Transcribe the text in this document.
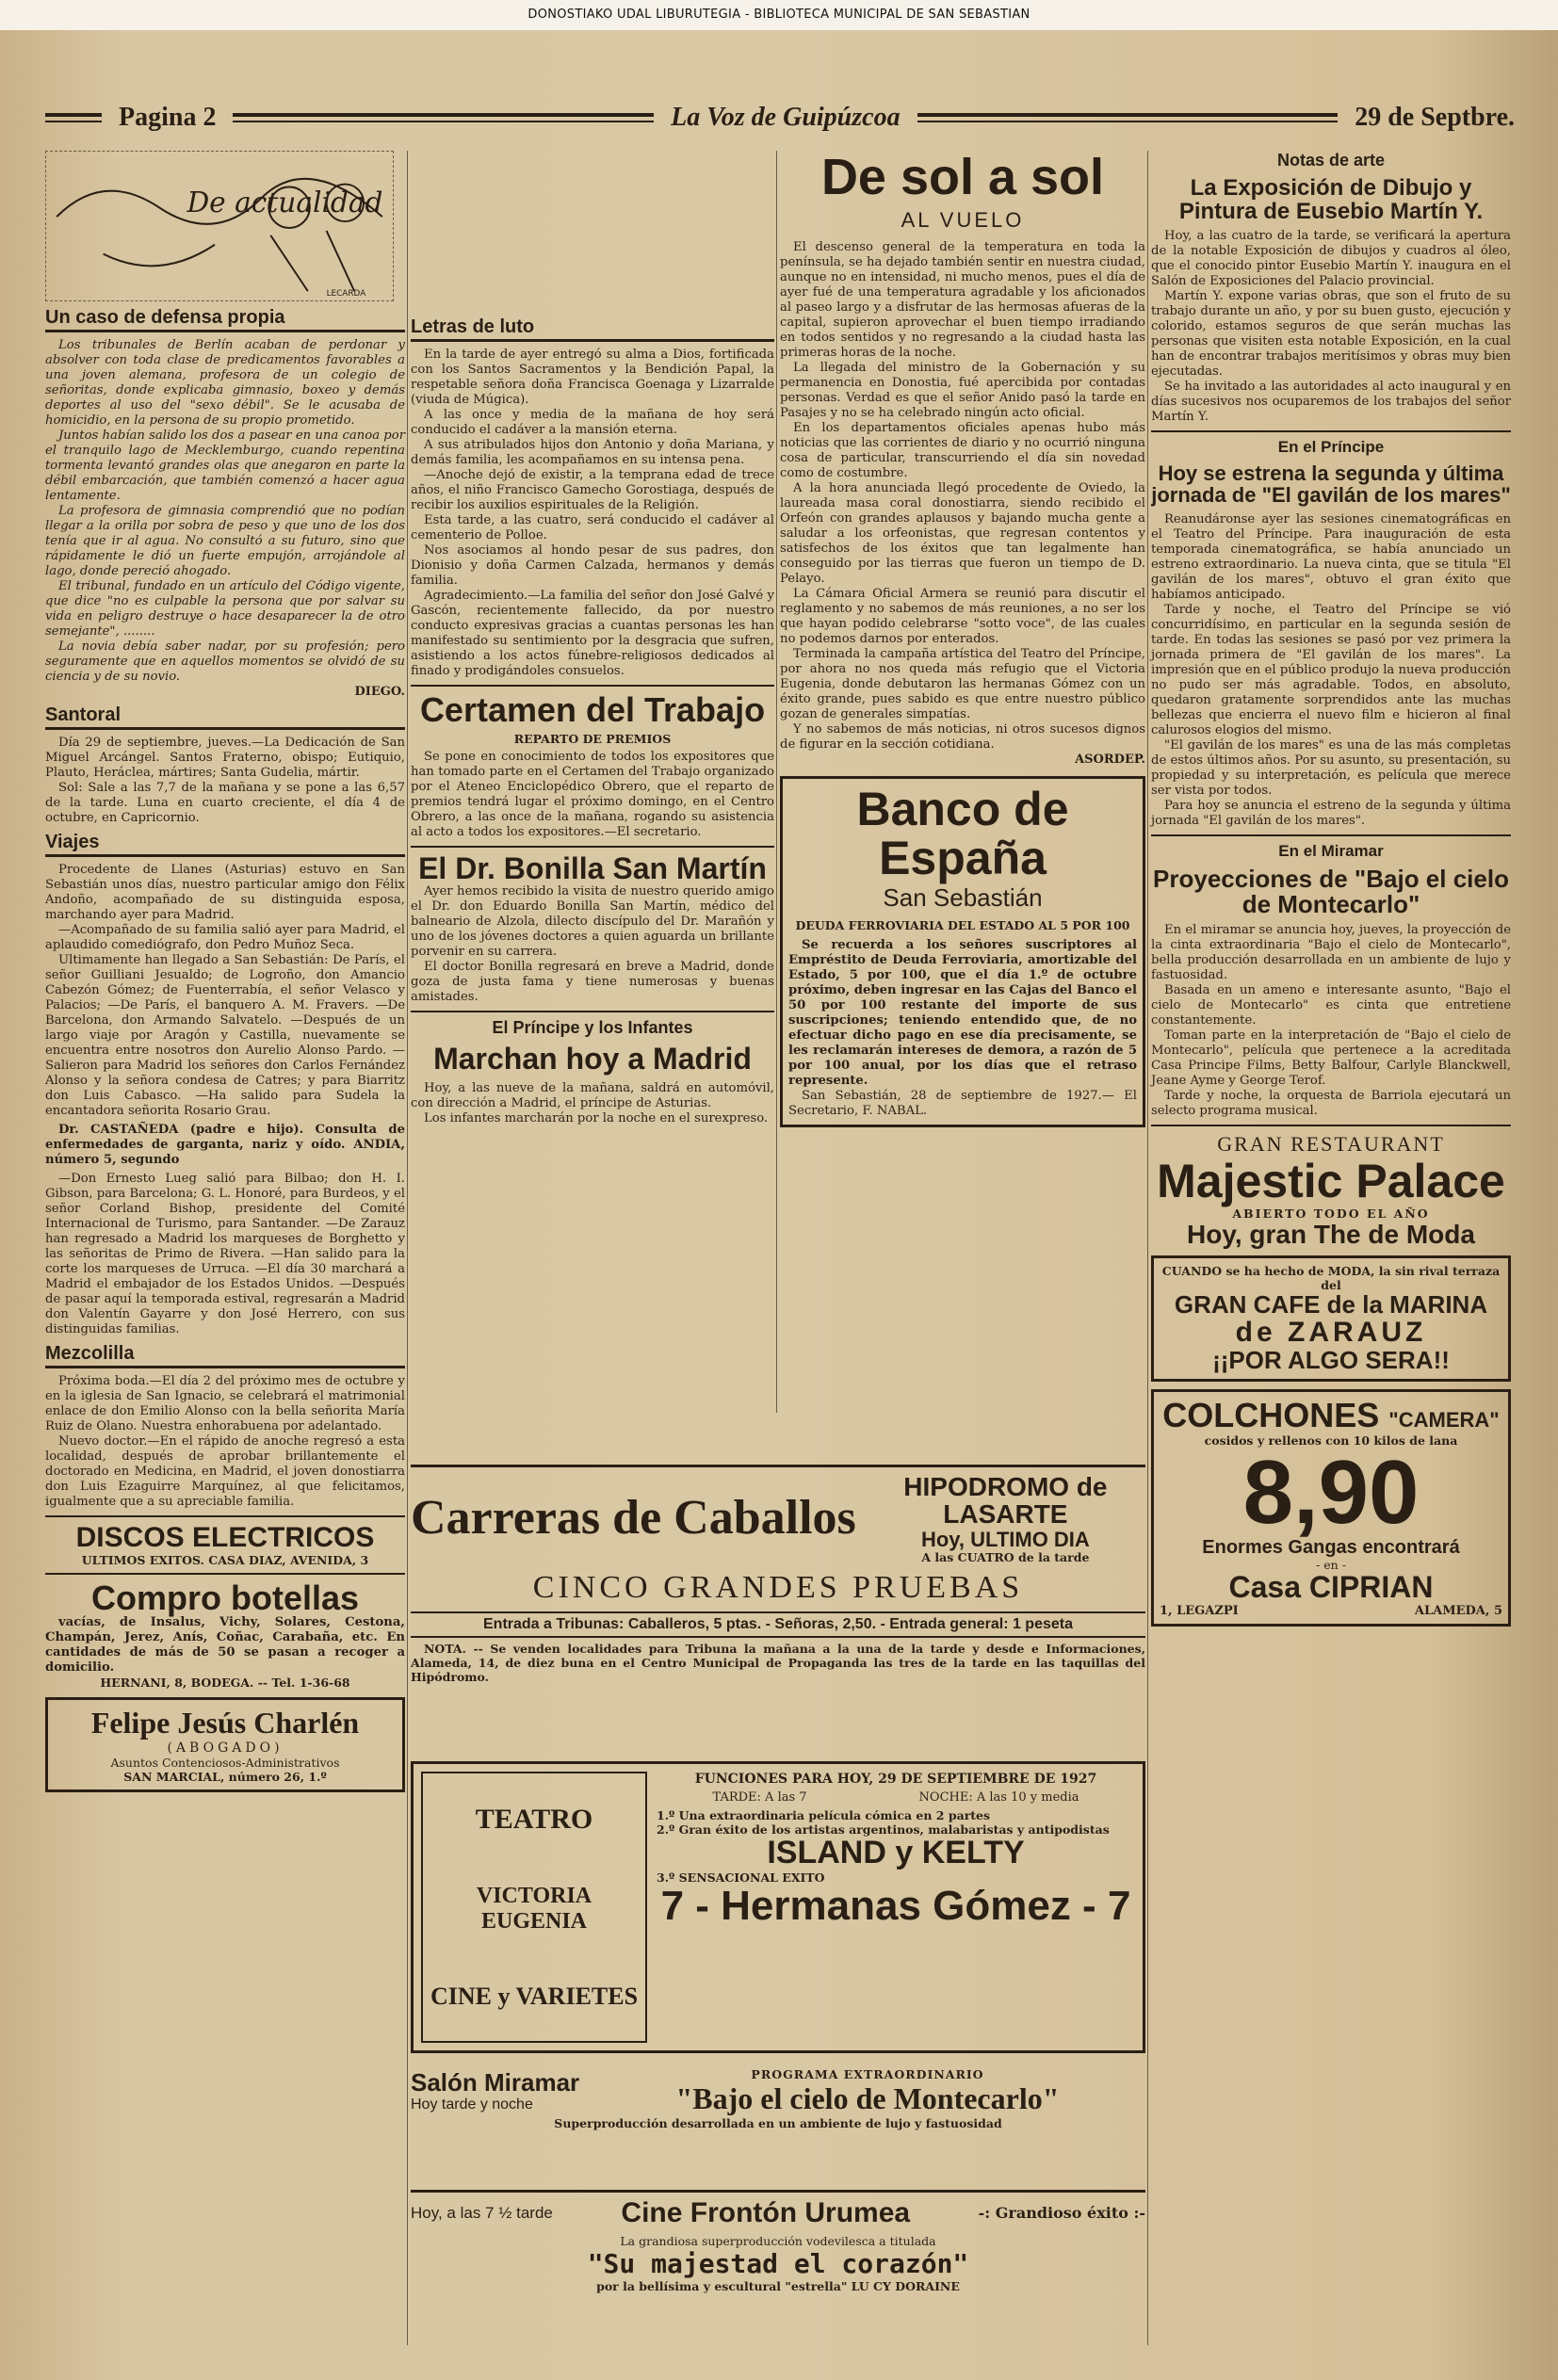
DONOSTIAKO UDAL LIBURUTEGIA - BIBLIOTECA MUNICIPAL DE SAN SEBASTIAN
Pagina 2	La Voz de Guipúzcoa	29 de Septbre.
De actualidad
LECARDA
Un caso de defensa propia

Los tribunales de Berlín acaban de perdonar y absolver con toda clase de predicamentos favorables a una joven alemana, profesora de un colegio de señoritas, donde explicaba gimnasio, boxeo y demás deportes al uso del "sexo débil". Se le acusaba de homicidio, en la persona de su propio prometido.

Juntos habían salido los dos a pasear en una canoa por el tranquilo lago de Mecklemburgo, cuando repentina tormenta levantó grandes olas que anegaron en parte la débil embarcación, que también comenzó a hacer agua lentamente.

La profesora de gimnasia comprendió que no podían llegar a la orilla por sobra de peso y que uno de los dos tenía que ir al agua. No consultó a su futuro, sino que rápidamente le dió un fuerte empujón, arrojándole al lago, donde pereció ahogado.

El tribunal, fundado en un artículo del Código vigente, que dice "no es culpable la persona que por salvar su vida en peligro destruye o hace desaparecer la de otro semejante", ........

La novia debía saber nadar, por su profesión; pero seguramente que en aquellos momentos se olvidó de su ciencia y de su novio.

DIEGO.

Santoral

Día 29 de septiembre, jueves.—La Dedicación de San Miguel Arcángel. Santos Fraterno, obispo; Eutiquio, Plauto, Heráclea, mártires; Santa Gudelia, mártir.

Sol: Sale a las 7,7 de la mañana y se pone a las 6,57 de la tarde. Luna en cuarto creciente, el día 4 de octubre, en Capricornio.

Viajes

Procedente de Llanes (Asturias) estuvo en San Sebastián unos días, nuestro particular amigo don Félix Andoño, acompañado de su distinguida esposa, marchando ayer para Madrid.

—Acompañado de su familia salió ayer para Madrid, el aplaudido comediógrafo, don Pedro Muñoz Seca.

Ultimamente han llegado a San Sebastián: De París, el señor Guilliani Jesualdo; de Logroño, don Amancio Cabezón Gómez; de Fuenterrabía, el señor Velasco y Palacios; —De París, el banquero A. M. Fravers. —De Barcelona, don Armando Salvatelo. —Después de un largo viaje por Aragón y Castilla, nuevamente se encuentra entre nosotros don Aurelio Alonso Pardo. —Salieron para Madrid los señores don Carlos Fernández Alonso y la señora condesa de Catres; y para Biarritz don Luis Cabasco. —Ha salido para Sudela la encantadora señorita Rosario Grau.

Dr. CASTAÑEDA (padre e hijo). Consulta de enfermedades de garganta, nariz y oído. ANDIA, número 5, segundo

—Don Ernesto Lueg salió para Bilbao; don H. I. Gibson, para Barcelona; G. L. Honoré, para Burdeos, y el señor Corland Bishop, presidente del Comité Internacional de Turismo, para Santander. —De Zarauz han regresado a Madrid los marqueses de Borghetto y las señoritas de Primo de Rivera. —Han salido para la corte los marqueses de Urruca. —El día 30 marchará a Madrid el embajador de los Estados Unidos. —Después de pasar aquí la temporada estival, regresarán a Madrid don Valentín Gayarre y don José Herrero, con sus distinguidas familias.

Mezcolilla

Próxima boda.—El día 2 del próximo mes de octubre y en la iglesia de San Ignacio, se celebrará el matrimonial enlace de don Emilio Alonso con la bella señorita María Ruiz de Olano. Nuestra enhorabuena por adelantado.

Nuevo doctor.—En el rápido de anoche regresó a esta localidad, después de aprobar brillantemente el doctorado en Medicina, en Madrid, el joven donostiarra don Luis Ezaguirre Marquínez, al que felicitamos, igualmente que a su apreciable familia.

DISCOS ELECTRICOS
ULTIMOS EXITOS. CASA DIAZ, AVENIDA, 3
Compro botellas

vacías, de Insalus, Vichy, Solares, Cestona, Champán, Jerez, Anís, Coñac, Carabaña, etc. En cantidades de más de 50 se pasan a recoger a domicilio.

HERNANI, 8, BODEGA. -- Tel. 1-36-68
Felipe Jesús Charlén
(ABOGADO)
Asuntos Contenciosos-Administrativos
SAN MARCIAL, número 26, 1.º
Letras de luto

En la tarde de ayer entregó su alma a Dios, fortificada con los Santos Sacramentos y la Bendición Papal, la respetable señora doña Francisca Goenaga y Lizarralde (viuda de Múgica).

A las once y media de la mañana de hoy será conducido el cadáver a la mansión eterna.

A sus atribulados hijos don Antonio y doña Mariana, y demás familia, les acompañamos en su intensa pena.

—Anoche dejó de existir, a la temprana edad de trece años, el niño Francisco Gamecho Gorostiaga, después de recibir los auxilios espirituales de la Religión.

Esta tarde, a las cuatro, será conducido el cadáver al cementerio de Polloe.

Nos asociamos al hondo pesar de sus padres, don Dionisio y doña Carmen Calzada, hermanos y demás familia.

Agradecimiento.—La familia del señor don José Galvé y Gascón, recientemente fallecido, da por nuestro conducto expresivas gracias a cuantas personas les han manifestado su sentimiento por la desgracia que sufren, asistiendo a los actos fúnebre-religiosos dedicados al finado y prodigándoles consuelos.

Certamen del Trabajo
REPARTO DE PREMIOS

Se pone en conocimiento de todos los expositores que han tomado parte en el Certamen del Trabajo organizado por el Ateneo Enciclopédico Obrero, que el reparto de premios tendrá lugar el próximo domingo, en el Centro Obrero, a las once de la mañana, rogando su asistencia al acto a todos los expositores.—El secretario.

El Dr. Bonilla San Martín

Ayer hemos recibido la visita de nuestro querido amigo el Dr. don Eduardo Bonilla San Martín, médico del balneario de Alzola, dilecto discípulo del Dr. Marañón y uno de los jóvenes doctores a quien aguarda un brillante porvenir en su carrera.

El doctor Bonilla regresará en breve a Madrid, donde goza de justa fama y tiene numerosas y buenas amistades.

El Príncipe y los Infantes
Marchan hoy a Madrid

Hoy, a las nueve de la mañana, saldrá en automóvil, con dirección a Madrid, el príncipe de Asturias.

Los infantes marcharán por la noche en el surexpreso.

De sol a sol
AL VUELO

El descenso general de la temperatura en toda la península, se ha dejado también sentir en nuestra ciudad, aunque no en intensidad, ni mucho menos, pues el día de ayer fué de una temperatura agradable y los aficionados al paseo largo y a disfrutar de las hermosas afueras de la capital, supieron aprovechar el buen tiempo irradiando en todos sentidos y no regresando a la ciudad hasta las primeras horas de la noche.

La llegada del ministro de la Gobernación y su permanencia en Donostia, fué apercibida por contadas personas. Verdad es que el señor Anido pasó la tarde en Pasajes y no se ha celebrado ningún acto oficial.

En los departamentos oficiales apenas hubo más noticias que las corrientes de diario y no ocurrió ninguna cosa de particular, transcurriendo el día sin novedad como de costumbre.

A la hora anunciada llegó procedente de Oviedo, la laureada masa coral donostiarra, siendo recibido el Orfeón con grandes aplausos y bajando mucha gente a saludar a los orfeonistas, que regresan contentos y satisfechos de los éxitos que tan legalmente han conseguido por las tierras que fueron un tiempo de D. Pelayo.

La Cámara Oficial Armera se reunió para discutir el reglamento y no sabemos de más reuniones, a no ser los que hayan podido celebrarse "sotto voce", de las cuales no podemos darnos por enterados.

Terminada la campaña artística del Teatro del Príncipe, por ahora no nos queda más refugio que el Victoria Eugenia, donde debutaron las hermanas Gómez con un éxito grande, pues sabido es que entre nuestro público gozan de generales simpatías.

Y no sabemos de más noticias, ni otros sucesos dignos de figurar en la sección cotidiana.

ASORDEP.

Banco de España
San Sebastián
DEUDA FERROVIARIA DEL ESTADO AL 5 POR 100

Se recuerda a los señores suscriptores al Empréstito de Deuda Ferroviaria, amortizable del Estado, 5 por 100, que el día 1.º de octubre próximo, deben ingresar en las Cajas del Banco el 50 por 100 restante del importe de sus suscripciones; teniendo entendido que, de no efectuar dicho pago en ese día precisamente, se les reclamarán intereses de demora, a razón de 5 por 100 anual, por los días que el retraso represente.

San Sebastián, 28 de septiembre de 1927.— El Secretario, F. NABAL.

Notas de arte
La Exposición de Dibujo y Pintura de Eusebio Martín Y.

Hoy, a las cuatro de la tarde, se verificará la apertura de la notable Exposición de dibujos y cuadros al óleo, que el conocido pintor Eusebio Martín Y. inaugura en el Salón de Exposiciones del Palacio provincial.

Martín Y. expone varias obras, que son el fruto de su trabajo durante un año, y por su buen gusto, ejecución y colorido, estamos seguros de que serán muchas las personas que visiten esta notable Exposición, en la cual han de encontrar trabajos meritísimos y obras muy bien ejecutadas.

Se ha invitado a las autoridades al acto inaugural y en días sucesivos nos ocuparemos de los trabajos del señor Martín Y.

En el Príncipe
Hoy se estrena la segunda y última jornada de "El gavilán de los mares"

Reanudáronse ayer las sesiones cinematográficas en el Teatro del Príncipe. Para inauguración de esta temporada cinematográfica, se había anunciado un estreno extraordinario. La nueva cinta, que se titula "El gavilán de los mares", obtuvo el gran éxito que habíamos anticipado.

Tarde y noche, el Teatro del Príncipe se vió concurridísimo, en particular en la segunda sesión de tarde. En todas las sesiones se pasó por vez primera la jornada primera de "El gavilán de los mares". La impresión que en el público produjo la nueva producción no pudo ser más agradable. Todos, en absoluto, quedaron gratamente sorprendidos ante las muchas bellezas que encierra el nuevo film e hicieron al final calurosos elogios del mismo.

"El gavilán de los mares" es una de las más completas de estos últimos años. Por su asunto, su presentación, su propiedad y su interpretación, es película que merece ser vista por todos.

Para hoy se anuncia el estreno de la segunda y última jornada "El gavilán de los mares".

En el Miramar
Proyecciones de "Bajo el cielo de Montecarlo"

En el miramar se anuncia hoy, jueves, la proyección de la cinta extraordinaria "Bajo el cielo de Montecarlo", bella producción desarrollada en un ambiente de lujo y fastuosidad.

Basada en un ameno e interesante asunto, "Bajo el cielo de Montecarlo" es cinta que entretiene constantemente.

Toman parte en la interpretación de "Bajo el cielo de Montecarlo", película que pertenece a la acreditada Casa Principe Films, Betty Balfour, Carlyle Blanckwell, Jeane Ayme y George Terof.

Tarde y noche, la orquesta de Barriola ejecutará un selecto programa musical.

GRAN RESTAURANT
Majestic Palace
ABIERTO TODO EL AÑO
Hoy, gran The de Moda
CUANDO se ha hecho de MODA, la sin rival terraza del
GRAN CAFE de la MARINA
de ZARAUZ
¡¡POR ALGO SERA!!
COLCHONES "CAMERA"
cosidos y rellenos con 10 kilos de lana
8,90
Enormes Gangas encontrará
- en -
Casa CIPRIAN
1, LEGAZPI	ALAMEDA, 5
Carreras de Caballos
HIPODROMO de LASARTE
Hoy, ULTIMO DIA
A las CUATRO de la tarde
CINCO GRANDES PRUEBAS
Entrada a Tribunas: Caballeros, 5 ptas. - Señoras, 2,50. - Entrada general: 1 peseta

NOTA. -- Se venden localidades para Tribuna la mañana a la una de la tarde y desde e Informaciones, Alameda, 14, de diez buna en el Centro Municipal de Propaganda las tres de la tarde en las taquillas del Hipódromo.

TEATRO
VICTORIA EUGENIA
CINE y VARIETES
FUNCIONES PARA HOY, 29 DE SEPTIEMBRE DE 1927
TARDE: A las 7	NOCHE: A las 10 y media
1.º Una extraordinaria película cómica en 2 partes
2.º Gran éxito de los artistas argentinos, malabaristas y antipodistas
ISLAND y KELTY
3.º SENSACIONAL EXITO
7 - Hermanas Gómez - 7
Salón Miramar
Hoy tarde y noche
PROGRAMA EXTRAORDINARIO
"Bajo el cielo de Montecarlo"
Superproducción desarrollada en un ambiente de lujo y fastuosidad
Hoy, a las 7 ½ tarde Cine Frontón Urumea	-: Grandioso éxito :-
La grandiosa superproducción vodevilesca a titulada
"Su majestad el corazón"
por la bellísima y escultural "estrella" LU CY DORAINE
